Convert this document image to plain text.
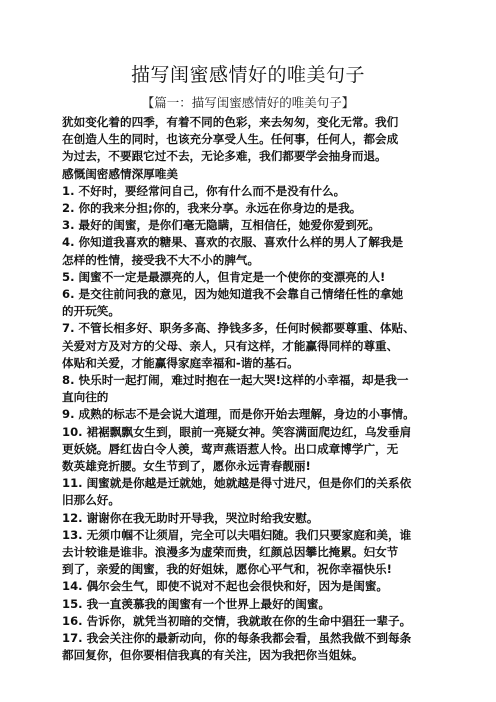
描写闺蜜感情好的唯美句子
【篇一：描写闺蜜感情好的唯美句子】
犹如变化着的四季，有着不同的色彩，来去匆匆，变化无常。我们
在创造人生的同时，也该充分享受人生。任何事，任何人，都会成
为过去，不要跟它过不去，无论多难，我们都要学会抽身而退。
感慨闺密感情深厚唯美
1. 不好时，要经常问自己，你有什么而不是没有什么。
2. 你的我来分担;你的，我来分享。永远在你身边的是我。
3. 最好的闺蜜，是你们毫无隐瞒，互相信任，她爱你爱到死。
4. 你知道我喜欢的糖果、喜欢的衣服、喜欢什么样的男人了解我是
怎样的性情，接受我不大不小的脾气。
5. 闺蜜不一定是最漂亮的人，但肯定是一个使你的变漂亮的人!
6. 是交往前问我的意见，因为她知道我不会靠自己情绪任性的拿她
的开玩笑。
7. 不管长相多好、职务多高、挣钱多多，任何时候都要尊重、体贴、
关爱对方及对方的父母、亲人，只有这样，才能赢得同样的尊重、
体贴和关爱，才能赢得家庭幸福和-谐的基石。
8. 快乐时一起打闹，难过时抱在一起大哭!这样的小幸福，却是我一
直向往的
9. 成熟的标志不是会说大道理，而是你开始去理解，身边的小事情。
10. 裙裾飘飘女生到，眼前一亮疑女神。笑容满面爬边红，乌发垂肩
更妖娆。唇红齿白令人羡，莺声燕语惹人怜。出口成章博学广，无
数英雄竞折腰。女生节到了，愿你永远青春靓丽!
11. 闺蜜就是你越是迁就她，她就越是得寸进尺，但是你们的关系依
旧那么好。
12. 谢谢你在我无助时开导我，哭泣时给我安慰。
13. 无须巾帼不让须眉，完全可以夫唱妇随。我们只要家庭和美，谁
去计较谁是谁非。浪漫多为虚荣而贵，红颜总因攀比掩累。妇女节
到了，亲爱的闺蜜，我的好姐妹，愿你心平气和，祝你幸福快乐!
14. 偶尔会生气，即使不说对不起也会很快和好，因为是闺蜜。
15. 我一直羡慕我的闺蜜有一个世界上最好的闺蜜。
16. 告诉你，就凭当初暗的交情，我就敢在你的生命中猖狂一辈子。
17. 我会关注你的最新动向，你的每条我都会看，虽然我做不到每条
都回复你，但你要相信我真的有关注，因为我把你当姐妹。
